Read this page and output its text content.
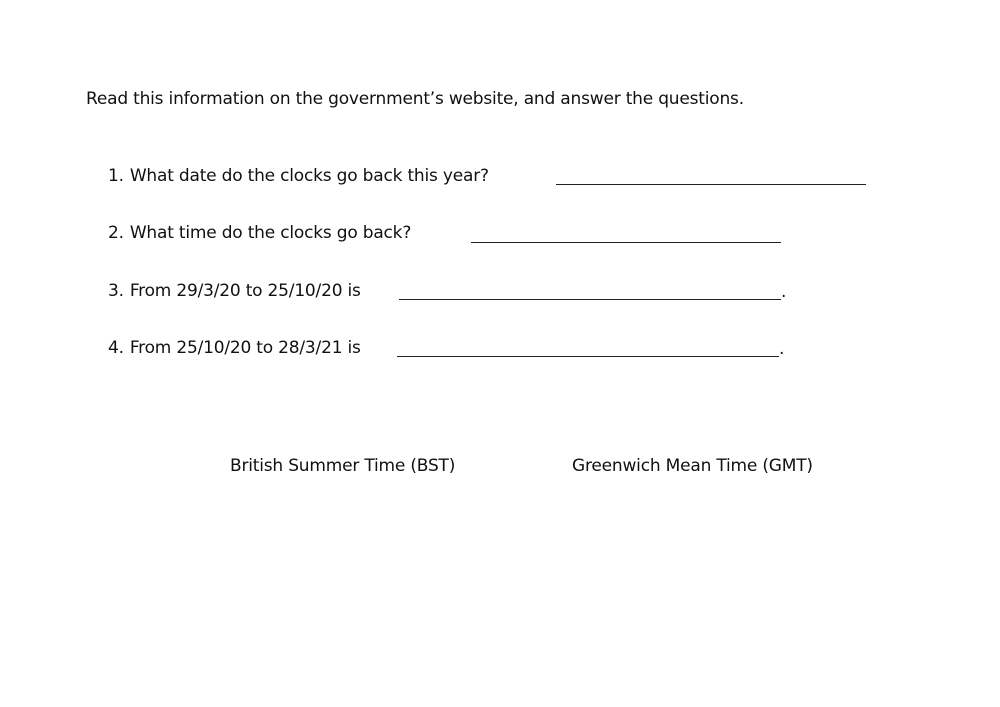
Read this information on the government’s website, and answer the questions.
1. What date do the clocks go back this year?
2. What time do the clocks go back?
3. From 29/3/20 to 25/10/20 is	.
4. From 25/10/20 to 28/3/21 is	.
British Summer Time (BST)	Greenwich Mean Time (GMT)
